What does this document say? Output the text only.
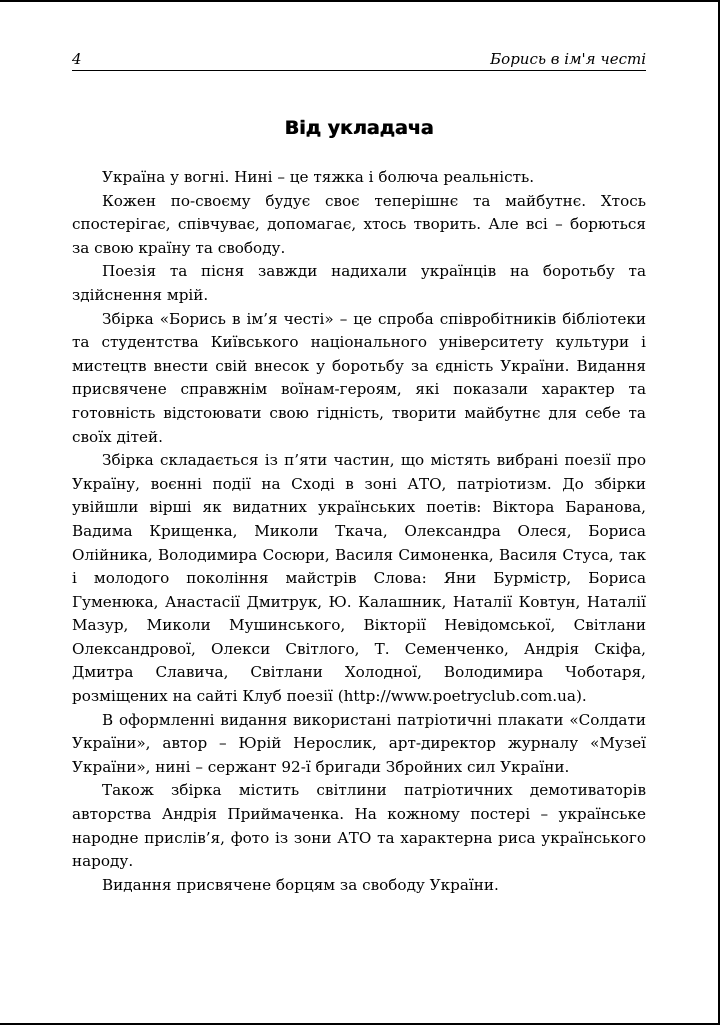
4	Борись в ім'я честі
Від укладача

Україна у вогні. Нині – це тяжка і болюча реальність.

Кожен по-своєму будує своє теперішнє та майбутнє. Хтось спостерігає, співчуває, допомагає, хтось творить. Але всі – борються за свою країну та свободу.

Поезія та пісня завжди надихали українців на боротьбу та здійснення мрій.

Збірка «Борись в ім’я честі» – це спроба співробітників бібліотеки та студентства Київського національного університету культури і мистецтв внести свій внесок у боротьбу за єдність України. Видання присвячене справжнім воїнам-героям, які показали характер та готовність відстоювати свою гідність, творити майбутнє для себе та своїх дітей.

Збірка складається із п’яти частин, що містять вибрані поезії про Україну, воєнні події на Сході в зоні АТО, патріотизм. До збірки увійшли вірші як видатних українських поетів: Віктора Баранова, Вадима Крищенка, Миколи Ткача, Олександра Олеся, Бориса Олійника, Володимира Сосюри, Василя Симоненка, Василя Стуса, так і молодого покоління майстрів Слова: Яни Бурмістр, Бориса Гуменюка, Анастасії Дмитрук, Ю. Калашник, Наталії Ковтун, Наталії Мазур, Миколи Мушинського, Вікторії Невідомської, Світлани Олександрової, Олекси Світлого, Т. Семенченко, Андрія Скіфа, Дмитра Славича, Світлани Холодної, Володимира Чоботаря, розміщених на сайті Клуб поезії (http://www.poetryclub.com.ua).

В оформленні видання використані патріотичні плакати «Солдати України», автор – Юрій Нерослик, арт-директор журналу «Музеї України», нині – сержант 92-ї бригади Збройних сил України.

Також збірка містить світлини патріотичних демотиваторів авторства Андрія Приймаченка. На кожному постері – українське народне прислів’я, фото із зони АТО та характерна риса українського народу.

Видання присвячене борцям за свободу України.
